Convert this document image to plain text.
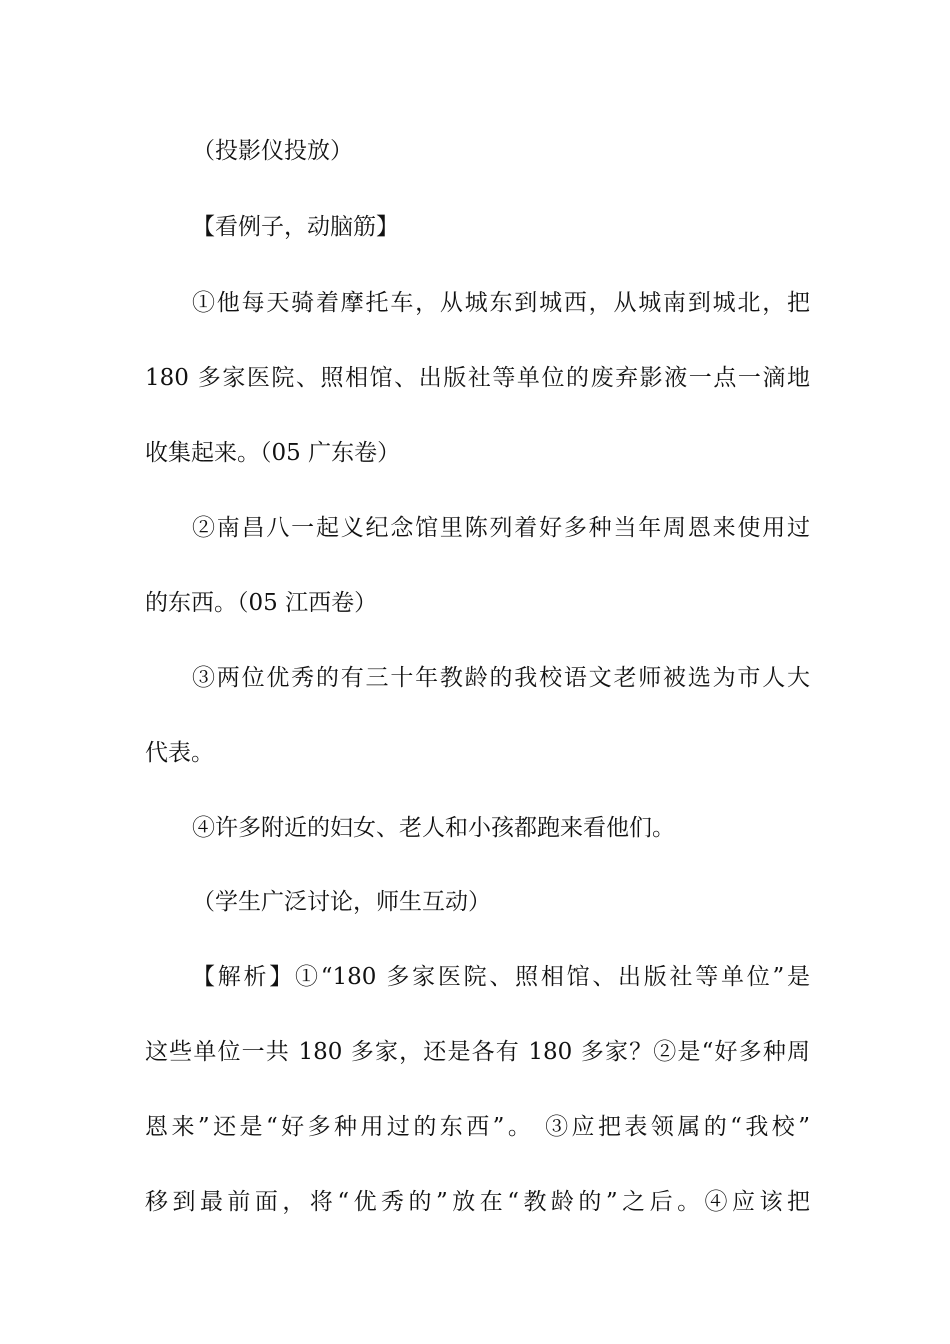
（投影仪投放）
【看例子，动脑筋】
①他每天骑着摩托车，从城东到城西，从城南到城北，把
180 多家医院、照相馆、出版社等单位的废弃影液一点一滴地
收集起来。（05 广东卷）
②南昌八一起义纪念馆里陈列着好多种当年周恩来使用过
的东西。（05 江西卷）
③两位优秀的有三十年教龄的我校语文老师被选为市人大
代表。
④许多附近的妇女、老人和小孩都跑来看他们。
（学生广泛讨论，师生互动）
【解析】①“180 多家医院、照相馆、出版社等单位”是
这些单位一共 180 多家，还是各有 180 多家？②是“好多种周
恩来”还是“好多种用过的东西”。 ③应把表领属的“我校”
移到最前面，将“优秀的”放在“教龄的”之后。④应该把
